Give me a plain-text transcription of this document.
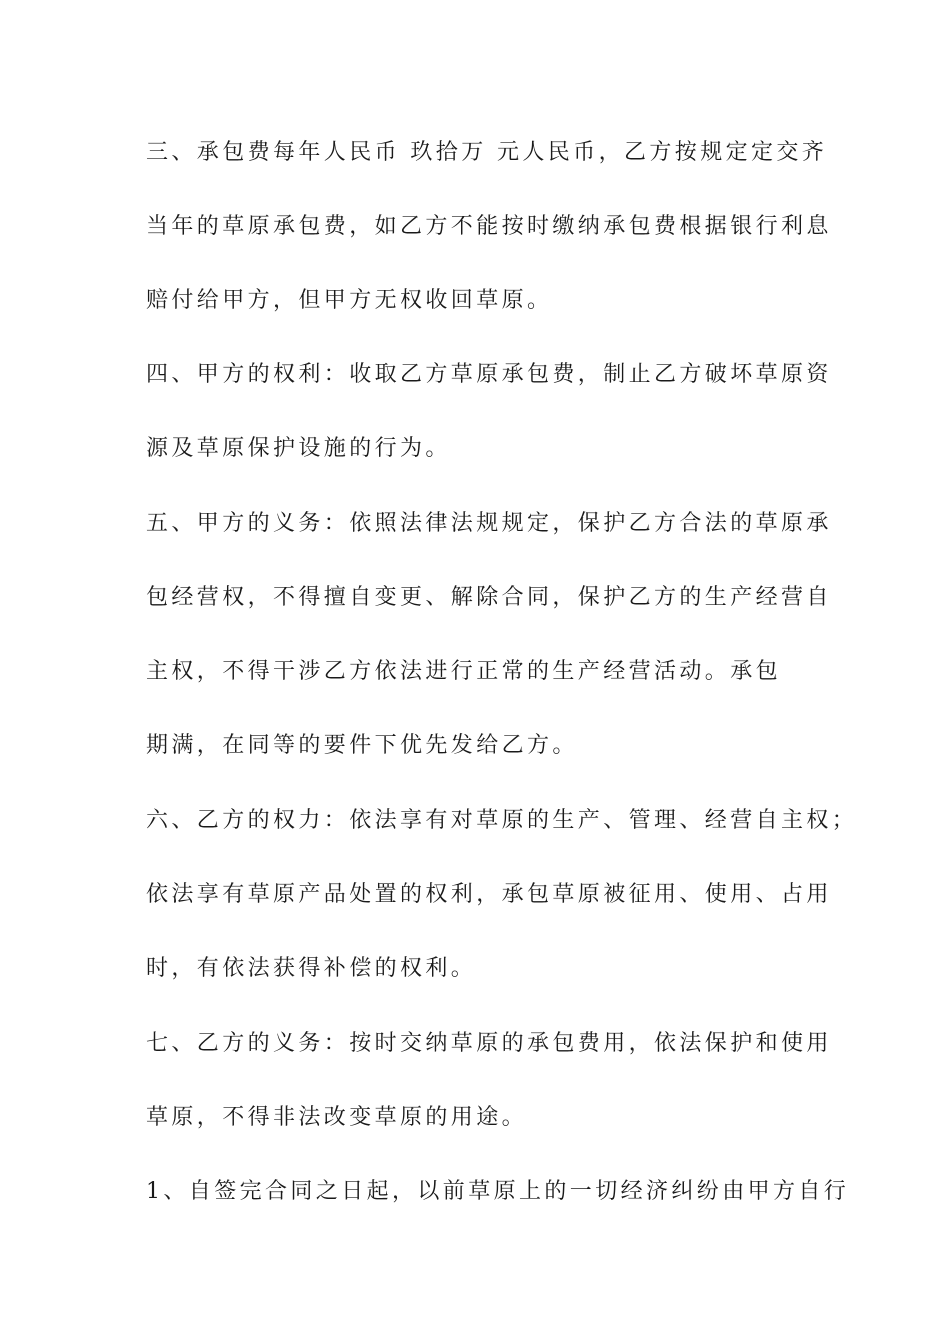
三、承包费每年人民币 玖拾万 元人民币，乙方按规定定交齐
当年的草原承包费，如乙方不能按时缴纳承包费根据银行利息
赔付给甲方，但甲方无权收回草原。
四、甲方的权利：收取乙方草原承包费，制止乙方破坏草原资
源及草原保护设施的行为。
五、甲方的义务：依照法律法规规定，保护乙方合法的草原承
包经营权，不得擅自变更、解除合同，保护乙方的生产经营自
主权，不得干涉乙方依法进行正常的生产经营活动。承包
期满，在同等的要件下优先发给乙方。
六、乙方的权力：依法享有对草原的生产、管理、经营自主权；
依法享有草原产品处置的权利，承包草原被征用、使用、占用
时，有依法获得补偿的权利。
七、乙方的义务：按时交纳草原的承包费用，依法保护和使用
草原，不得非法改变草原的用途。
1、自签完合同之日起，以前草原上的一切经济纠纷由甲方自行
